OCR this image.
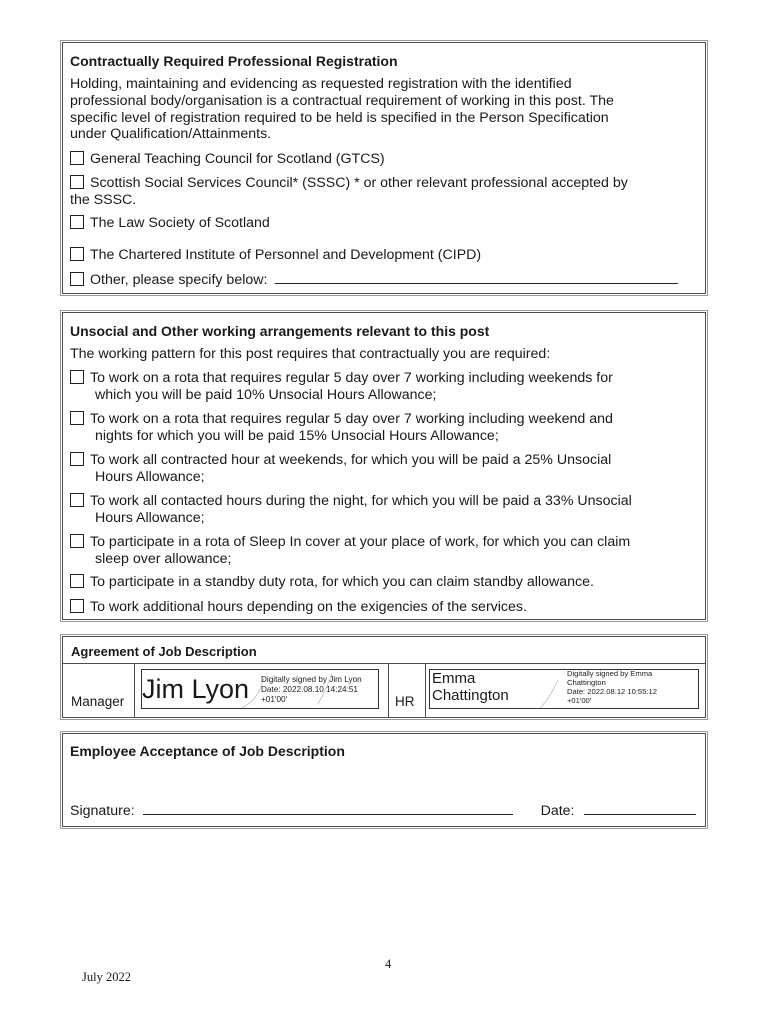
Contractually Required Professional Registration

Holding, maintaining and evidencing as requested registration with the identified

professional body/organisation is a contractual requirement of working in this post. The

specific level of registration required to be held is specified in the Person Specification

under Qualification/Attainments.

General Teaching Council for Scotland (GTCS)
Scottish Social Services Council* (SSSC) * or other relevant professional accepted by
the SSSC.
The Law Society of Scotland
The Chartered Institute of Personnel and Development (CIPD)
Other, please specify below:
Unsocial and Other working arrangements relevant to this post

The working pattern for this post requires that contractually you are required:

To work on a rota that requires regular 5 day over 7 working including weekends for
which you will be paid 10% Unsocial Hours Allowance;
To work on a rota that requires regular 5 day over 7 working including weekend and
nights for which you will be paid 15% Unsocial Hours Allowance;
To work all contracted hour at weekends, for which you will be paid a 25% Unsocial
Hours Allowance;
To work all contacted hours during the night, for which you will be paid a 33% Unsocial
Hours Allowance;
To participate in a rota of Sleep In cover at your place of work, for which you can claim
sleep over allowance;
To participate in a standby duty rota, for which you can claim standby allowance.
To work additional hours depending on the exigencies of the services.
Agreement of Job Description
Manager	HR
Jim Lyon Digitally signed by Jim Lyon
Date: 2022.08.10 14:24:51
+01'00'
Emma
Chattington
Digitally signed by Emma
Chattington
Date: 2022.08.12 10:55:12
+01'00'
Employee Acceptance of Job Description
Signature:	Date:
4
July 2022
